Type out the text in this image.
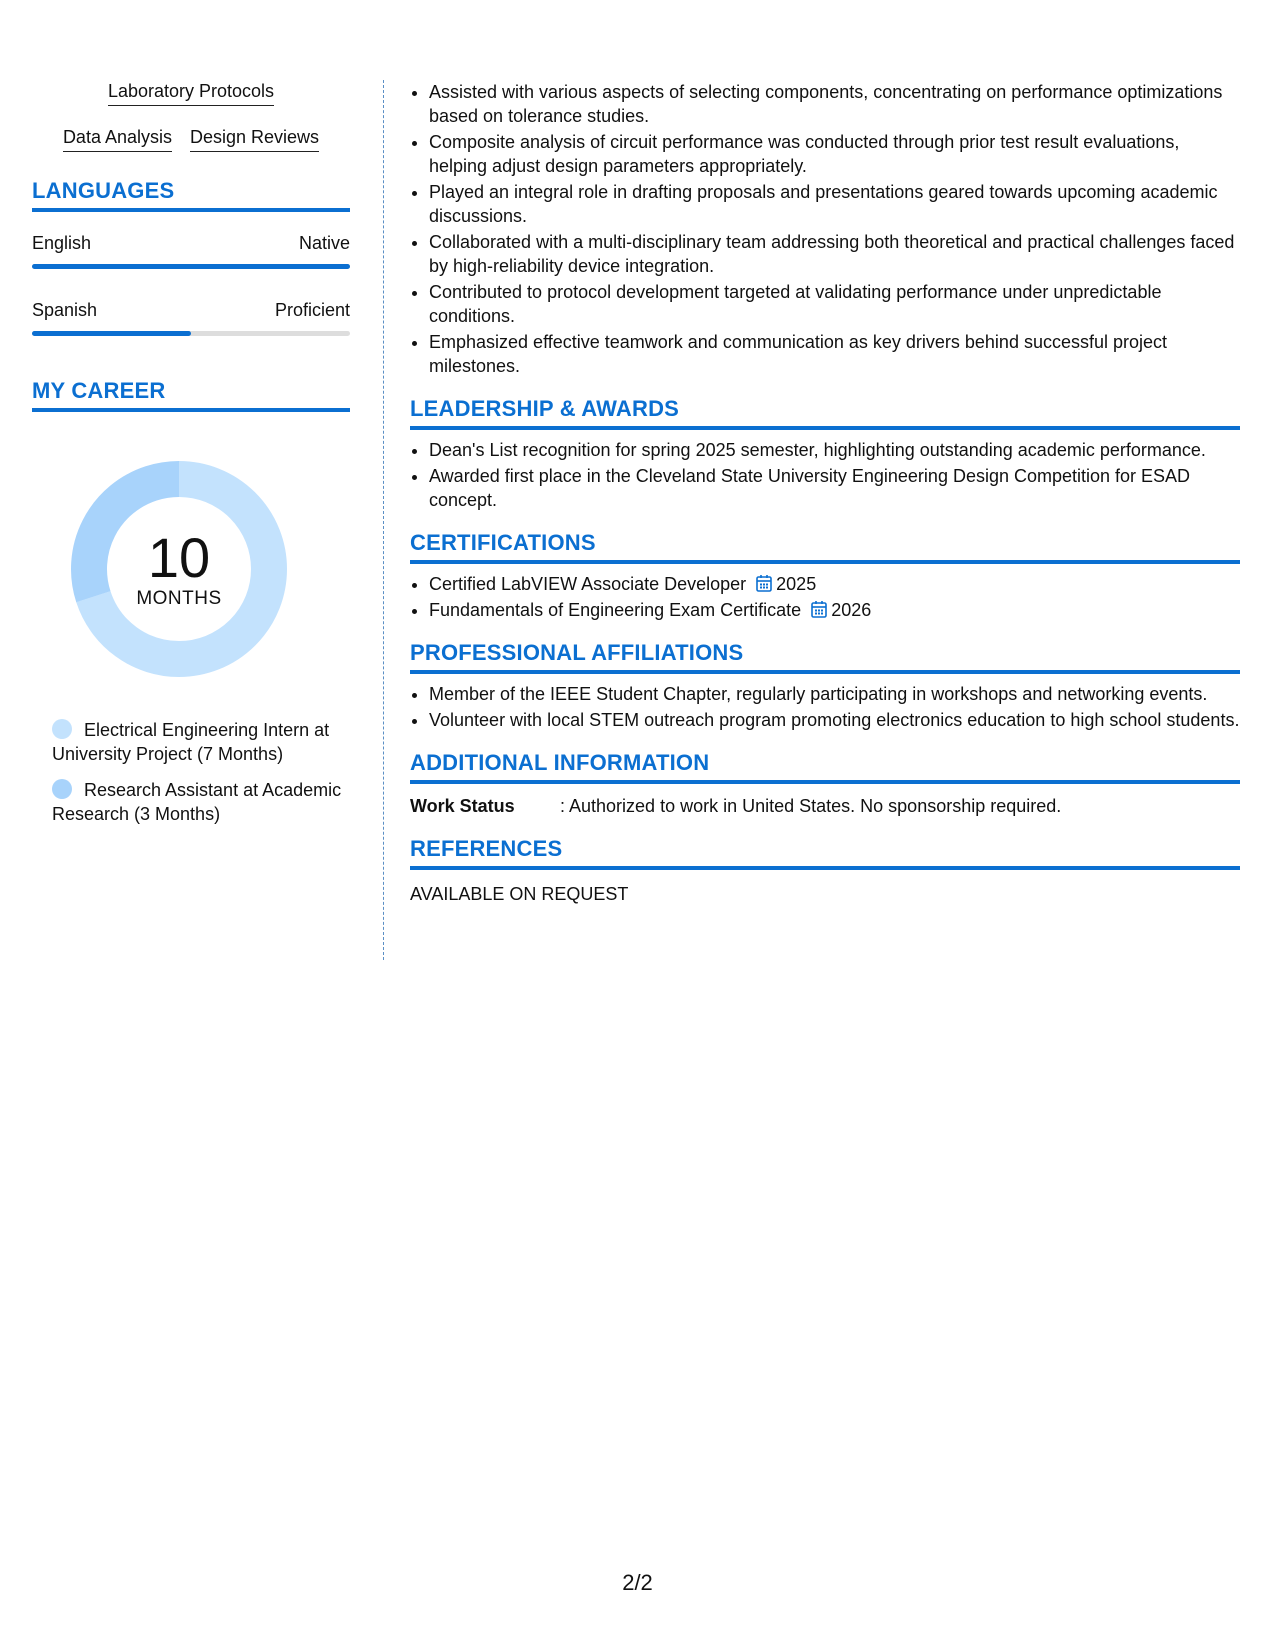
Laboratory Protocols
Data Analysis Design Reviews
LANGUAGES
English	Native
Spanish	Proficient
MY CAREER
10
MONTHS
Electrical Engineering Intern at University Project (7 Months)
Research Assistant at Academic Research (3 Months)
• Assisted with various aspects of selecting components, concentrating on performance optimizations based on tolerance studies.
• Composite analysis of circuit performance was conducted through prior test result evaluations, helping adjust design parameters appropriately.
• Played an integral role in drafting proposals and presentations geared towards upcoming academic discussions.
• Collaborated with a multi-disciplinary team addressing both theoretical and practical challenges faced by high-reliability device integration.
• Contributed to protocol development targeted at validating performance under unpredictable conditions.
• Emphasized effective teamwork and communication as key drivers behind successful project milestones.
LEADERSHIP & AWARDS
• Dean's List recognition for spring 2025 semester, highlighting outstanding academic performance.
• Awarded first place in the Cleveland State University Engineering Design Competition for ESAD concept.
CERTIFICATIONS
• Certified LabVIEW Associate Developer 2025
• Fundamentals of Engineering Exam Certificate 2026
PROFESSIONAL AFFILIATIONS
• Member of the IEEE Student Chapter, regularly participating in workshops and networking events.
• Volunteer with local STEM outreach program promoting electronics education to high school students.
ADDITIONAL INFORMATION
Work Status	: Authorized to work in United States. No sponsorship required.
REFERENCES
AVAILABLE ON REQUEST
2/2
